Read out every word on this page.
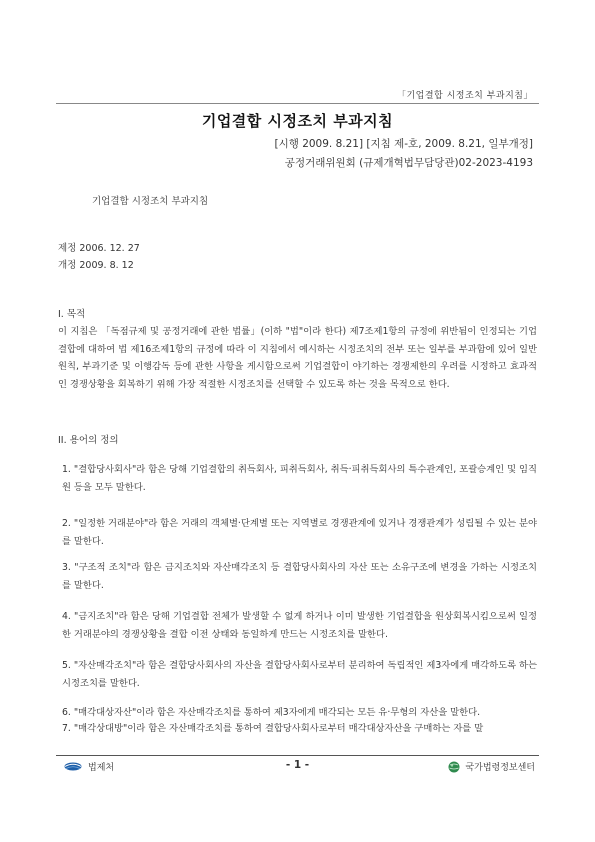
「기업결합 시정조치 부과지침」
기업결합 시정조치 부과지침
[시행 2009. 8.21] [지침 제-호, 2009. 8.21, 일부개정]
공정거래위원회 (규제개혁법무담당관)02-2023-4193
기업결합 시정조치 부과지침
제정 2006. 12. 27
개정 2009. 8. 12
I. 목적
이 지침은 「독점규제 및 공정거래에 관한 법률」(이하 "법"이라 한다) 제7조제1항의 규정에 위반됨이 인정되는 기업결합에 대하여 법 제16조제1항의 규정에 따라 이 지침에서 예시하는 시정조치의 전부 또는 일부를 부과함에 있어 일반원칙, 부과기준 및 이행감독 등에 관한 사항을 게시함으로써 기업결합이 야기하는 경쟁제한의 우려를 시정하고 효과적인 경쟁상황을 회복하기 위해 가장 적절한 시정조치를 선택할 수 있도록 하는 것을 목적으로 한다.
II. 용어의 정의
1. "결합당사회사"라 함은 당해 기업결합의 취득회사, 피취득회사, 취득·피취득회사의 특수관계인, 포괄승계인 및 임직원 등을 모두 말한다.
2. "일정한 거래분야"라 함은 거래의 객체별·단계별 또는 지역별로 경쟁관계에 있거나 경쟁관계가 성립될 수 있는 분야를 말한다.
3. "구조적 조치"라 함은 금지조치와 자산매각조치 등 결합당사회사의 자산 또는 소유구조에 변경을 가하는 시정조치를 말한다.
4. "금지조치"라 함은 당해 기업결합 전체가 발생할 수 없게 하거나 이미 발생한 기업결합을 원상회복시킴으로써 일정한 거래분야의 경쟁상황을 결합 이전 상태와 동일하게 만드는 시정조치를 말한다.
5. "자산매각조치"라 함은 결합당사회사의 자산을 결합당사회사로부터 분리하여 독립적인 제3자에게 매각하도록 하는 시정조치를 말한다.
6. "매각대상자산"이라 함은 자산매각조치를 통하여 제3자에게 매각되는 모든 유·무형의 자산을 말한다.
7. "매각상대방"이라 함은 자산매각조치를 통하여 결합당사회사로부터 매각대상자산을 구매하는 자를 말
법제처	- 1 -	국가법령정보센터
